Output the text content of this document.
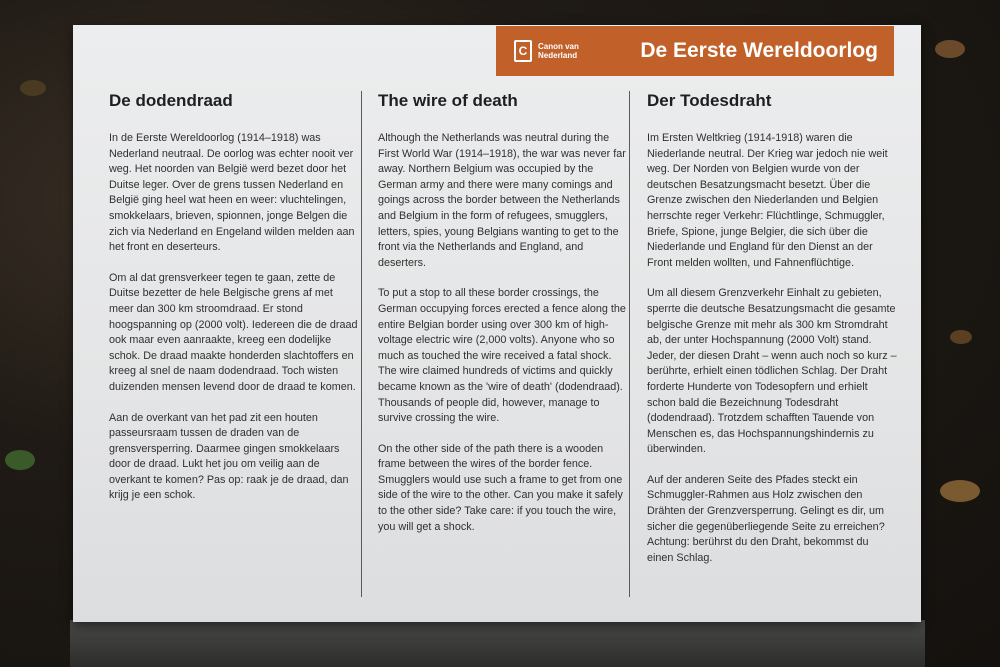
C Canon van Nederland	De Eerste Wereldoorlog
De dodendraad

In de Eerste Wereldoorlog (1914–1918) was Nederland neutraal. De oorlog was echter nooit ver weg. Het noorden van België werd bezet door het Duitse leger. Over de grens tussen Nederland en België ging heel wat heen en weer: vluchtelingen, smokkelaars, brieven, spionnen, jonge Belgen die zich via Nederland en Engeland wilden melden aan het front en deserteurs.

Om al dat grensverkeer tegen te gaan, zette de Duitse bezetter de hele Belgische grens af met meer dan 300 km stroomdraad. Er stond hoogspanning op (2000 volt). Iedereen die de draad ook maar even aanraakte, kreeg een dodelijke schok. De draad maakte honderden slachtoffers en kreeg al snel de naam dodendraad. Toch wisten duizenden mensen levend door de draad te komen.

Aan de overkant van het pad zit een houten passeursraam tussen de draden van de grensversperring. Daarmee gingen smokkelaars door de draad. Lukt het jou om veilig aan de overkant te komen? Pas op: raak je de draad, dan krijg je een schok.

The wire of death

Although the Netherlands was neutral during the First World War (1914–1918), the war was never far away. Northern Belgium was occupied by the German army and there were many comings and goings across the border between the Netherlands and Belgium in the form of refugees, smugglers, letters, spies, young Belgians wanting to get to the front via the Netherlands and England, and deserters.

To put a stop to all these border crossings, the German occupying forces erected a fence along the entire Belgian border using over 300 km of high-voltage electric wire (2,000 volts). Anyone who so much as touched the wire received a fatal shock. The wire claimed hundreds of victims and quickly became known as the 'wire of death' (dodendraad). Thousands of people did, however, manage to survive crossing the wire.

On the other side of the path there is a wooden frame between the wires of the border fence. Smugglers would use such a frame to get from one side of the wire to the other. Can you make it safely to the other side? Take care: if you touch the wire, you will get a shock.

Der Todesdraht

Im Ersten Weltkrieg (1914-1918) waren die Niederlande neutral. Der Krieg war jedoch nie weit weg. Der Norden von Belgien wurde von der deutschen Besatzungsmacht besetzt. Über die Grenze zwischen den Niederlanden und Belgien herrschte reger Verkehr: Flüchtlinge, Schmuggler, Briefe, Spione, junge Belgier, die sich über die Niederlande und England für den Dienst an der Front melden wollten, und Fahnenflüchtige.

Um all diesem Grenzverkehr Einhalt zu gebieten, sperrte die deutsche Besatzungsmacht die gesamte belgische Grenze mit mehr als 300 km Stromdraht ab, der unter Hochspannung (2000 Volt) stand. Jeder, der diesen Draht – wenn auch noch so kurz – berührte, erhielt einen tödlichen Schlag. Der Draht forderte Hunderte von Todesopfern und erhielt schon bald die Bezeichnung Todesdraht (dodendraad). Trotzdem schafften Tauende von Menschen es, das Hochspannungshindernis zu überwinden.

Auf der anderen Seite des Pfades steckt ein Schmuggler-Rahmen aus Holz zwischen den Drähten der Grenzversperrung. Gelingt es dir, um sicher die gegenüberliegende Seite zu erreichen? Achtung: berührst du den Draht, bekommst du einen Schlag.
